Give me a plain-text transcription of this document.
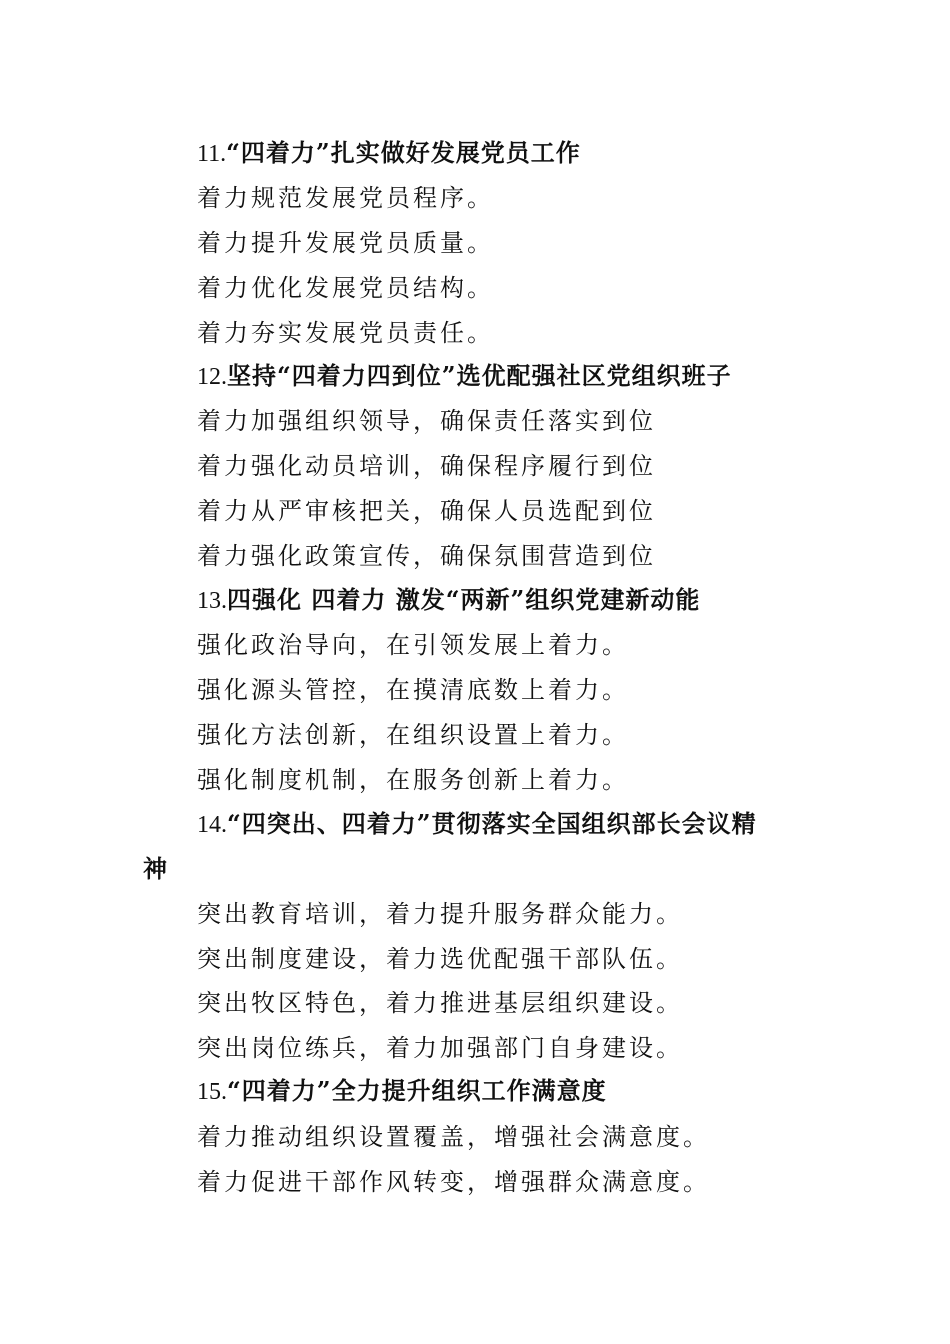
11.“四着力”扎实做好发展党员工作
着力规范发展党员程序。
着力提升发展党员质量。
着力优化发展党员结构。
着力夯实发展党员责任。
12.坚持“四着力四到位”选优配强社区党组织班子
着力加强组织领导，确保责任落实到位
着力强化动员培训，确保程序履行到位
着力从严审核把关，确保人员选配到位
着力强化政策宣传，确保氛围营造到位
13.四强化 四着力 激发“两新”组织党建新动能
强化政治导向，在引领发展上着力。
强化源头管控，在摸清底数上着力。
强化方法创新，在组织设置上着力。
强化制度机制，在服务创新上着力。
14.“四突出、四着力”贯彻落实全国组织部长会议精
神
突出教育培训，着力提升服务群众能力。
突出制度建设，着力选优配强干部队伍。
突出牧区特色，着力推进基层组织建设。
突出岗位练兵，着力加强部门自身建设。
15.“四着力”全力提升组织工作满意度
着力推动组织设置覆盖，增强社会满意度。
着力促进干部作风转变，增强群众满意度。
